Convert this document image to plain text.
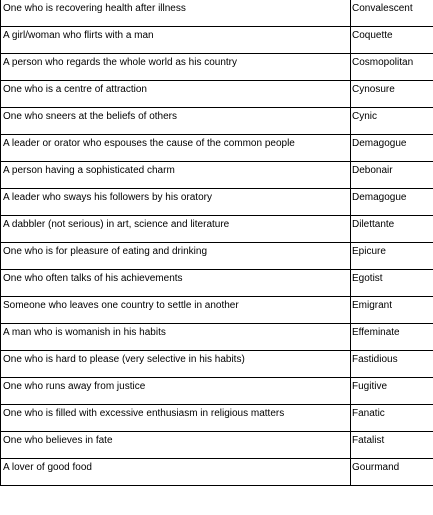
One who is recovering health after illness	Convalescent
A girl/woman who flirts with a man	Coquette
A person who regards the whole world as his country	Cosmopolitan
One who is a centre of attraction	Cynosure
One who sneers at the beliefs of others	Cynic
A leader or orator who espouses the cause of the common people	Demagogue
A person having a sophisticated charm	Debonair
A leader who sways his followers by his oratory	Demagogue
A dabbler (not serious) in art, science and literature	Dilettante
One who is for pleasure of eating and drinking	Epicure
One who often talks of his achievements	Egotist
Someone who leaves one country to settle in another	Emigrant
A man who is womanish in his habits	Effeminate
One who is hard to please (very selective in his habits)	Fastidious
One who runs away from justice	Fugitive
One who is filled with excessive enthusiasm in religious matters	Fanatic
One who believes in fate	Fatalist
A lover of good food	Gourmand
